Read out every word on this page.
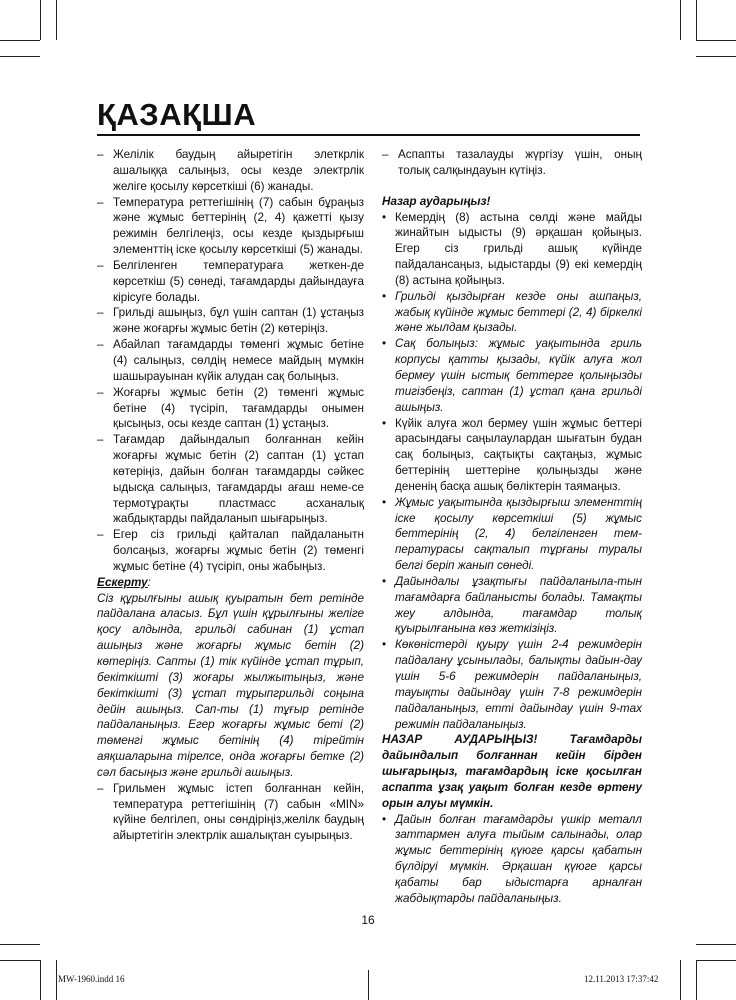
ҚАЗАҚША

– Желілік баудың айыретігін элеткрлік ашалыққа салыңыз, осы кезде электрлік желіге қосылу көрсеткіші (6) жанады.

– Температура реттегішінің (7) сабын бұраңыз және жұмыс беттерінің (2, 4) қажетті қызу режимін белгілеңіз, осы кезде қыздырғыш элементтің іске қосылу көрсеткіші (5) жанады.

– Белгіленген температураға жеткен-де көрсеткіш (5) сөнеді, тағамдарды дайындауға кірісуге болады.

– Грильді ашыңыз, бұл үшін саптан (1) ұстаңыз және жоғарғы жұмыс бетін (2) көтеріңіз.

– Абайлап тағамдарды төменгі жұмыс бетіне (4) салыңыз, сөлдің немесе майдың мүмкін шашырауынан күйік алудан сақ болыңыз.

– Жоғарғы жұмыс бетін (2) төменгі жұмыс бетіне (4) түсіріп, тағамдарды онымен қысыңыз, осы кезде саптан (1) ұстаңыз.

– Тағамдар дайындалып болғаннан кейін жоғарғы жұмыс бетін (2) саптан (1) ұстап көтеріңіз, дайын болған тағамдарды сәйкес ыдысқа салыңыз, тағамдарды ағаш неме-се термотұрақты пластмасс асханалық жабдықтарды пайдаланып шығарыңыз.

– Егер сіз грильді қайталап пайдаланытн болсаңыз, жоғарғы жұмыс бетін (2) төменгі жұмыс бетіне (4) түсіріп, оны жабыңыз.

Ескерту:

Сіз құрылғыны ашық қуыратын бет ретінде пайдалана аласыз. Бұл үшін құрылғыны желіге қосу алдында, грильді сабинан (1) ұстап ашыңыз және жоғарғы жұмыс бетін (2) көтеріңіз. Сапты (1) тік күйінде ұстап тұрып, бекіткішті (3) жоғары жылжытыңыз, және бекіткішті (3) ұстап тұрыпгрильді соңына дейін ашыңыз. Сап-ты (1) тұғыр ретінде пайдаланыңыз. Егер жоғарғы жұмыс беті (2) төменгі жұмыс бетінің (4) тірейтін аяқшаларына тірелсе, онда жоғарғы бетке (2) сәл басыңыз және грильді ашыңыз.

– Грильмен жұмыс істеп болғаннан кейін, температура реттегішінің (7) сабын «MIN» күйіне белгілеп, оны сөндіріңіз,желілк баудың айыртетігін электрлік ашалықтан суырыңыз.

– Аспапты тазалауды жүргізу үшін, оның толық салқындауын күтіңіз.

Назар аударыңыз!

• Кемердің (8) астына сөлді және майды жинайтын ыдысты (9) әрқашан қойыңыз. Егер сіз грильді ашық күйінде пайдалансаңыз, ыдыстарды (9) екі кемердің (8) астына қойыңыз.

• Грильді қыздырған кезде оны ашпаңыз, жабық күйінде жұмыс беттері (2, 4) біркелкі және жылдам қызады.

• Сақ болыңыз: жұмыс уақытында гриль корпусы қатты қызады, күйік алуға жол бермеу үшін ыстық беттерге қолыңызды тигізбеңіз, саптан (1) ұстап қана грильді ашыңыз.

• Күйік алуға жол бермеу үшін жұмыс беттері арасындағы саңылаулардан шығатын будан сақ болыңыз, сақтықты сақтаңыз, жұмыс беттерінің шеттеріне қолыңызды және дененің басқа ашық бөліктерін таямаңыз.

• Жұмыс уақытында қыздырғыш элементтің іске қосылу көрсеткіші (5) жұмыс беттерінің (2, 4) белгіленген тем-пературасы сақталып тұрғаны туралы белгі беріп жанып сөнеді.

• Дайындалы ұзақтығы пайдаланыла-тын тағамдарға байланысты болады. Тамақты жеу алдында, тағамдар толық қуырылғанына көз жеткізіңіз.

• Көкөністерді қуыру үшін 2-4 режимдерін пайдалану ұсынылады, балықты дайын-дау үшін 5-6 режимдерін пайдаланыңыз, тауықты дайындау үшін 7-8 режимдерін пайдаланыңыз, етті дайындау үшін 9-max режимін пайдаланыңыз.

НАЗАР АУДАРЫҢЫЗ! Тағамдарды дайындалып болғаннан кейін бірден шығарыңыз, тағамдардың іске қосылған аспапта ұзақ уақыт болған кезде өртену орын алуы мүмкін.

• Дайын болған тағамдарды үшкір металл заттармен алуға тыйым салынады, олар жұмыс беттерінің қүюге қарсы қабатын бүлдіруі мүмкін. Әрқашан қүюге қарсы қабаты бар ыдыстарға арналған жабдықтарды пайдаланыңыз.

16
MW-1960.indd 16	12.11.2013 17:37:42
